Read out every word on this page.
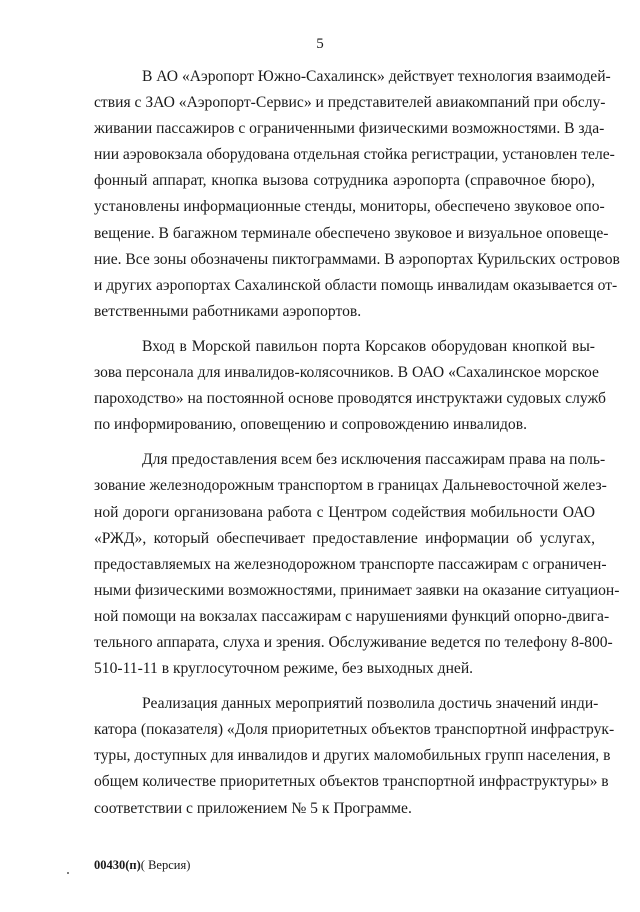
5
В АО «Аэропорт Южно-Сахалинск» действует технология взаимодей-
ствия с ЗАО «Аэропорт-Сервис» и представителей авиакомпаний при обслу-
живании пассажиров с ограниченными физическими возможностями. В зда-
нии аэровокзала оборудована отдельная стойка регистрации, установлен теле-
фонный аппарат, кнопка вызова сотрудника аэропорта (справочное бюро),
установлены информационные стенды, мониторы, обеспечено звуковое опо-
вещение. В багажном терминале обеспечено звуковое и визуальное оповеще-
ние. Все зоны обозначены пиктограммами. В аэропортах Курильских островов
и других аэропортах Сахалинской области помощь инвалидам оказывается от-
ветственными работниками аэропортов.
Вход в Морской павильон порта Корсаков оборудован кнопкой вы-
зова персонала для инвалидов-колясочников. В ОАО «Сахалинское морское
пароходство» на постоянной основе проводятся инструктажи судовых служб
по информированию, оповещению и сопровождению инвалидов.
Для предоставления всем без исключения пассажирам права на поль-
зование железнодорожным транспортом в границах Дальневосточной желез-
ной дороги организована работа с Центром содействия мобильности ОАО
«РЖД», который обеспечивает предоставление информации об услугах,
предоставляемых на железнодорожном транспорте пассажирам с ограничен-
ными физическими возможностями, принимает заявки на оказание ситуацион-
ной помощи на вокзалах пассажирам с нарушениями функций опорно-двига-
тельного аппарата, слуха и зрения. Обслуживание ведется по телефону 8-800-
510-11-11 в круглосуточном режиме, без выходных дней.
Реализация данных мероприятий позволила достичь значений инди-
катора (показателя) «Доля приоритетных объектов транспортной инфраструк-
туры, доступных для инвалидов и других маломобильных групп населения, в
общем количестве приоритетных объектов транспортной инфраструктуры» в
соответствии с приложением № 5 к Программе.
00430(п)( Версия)
